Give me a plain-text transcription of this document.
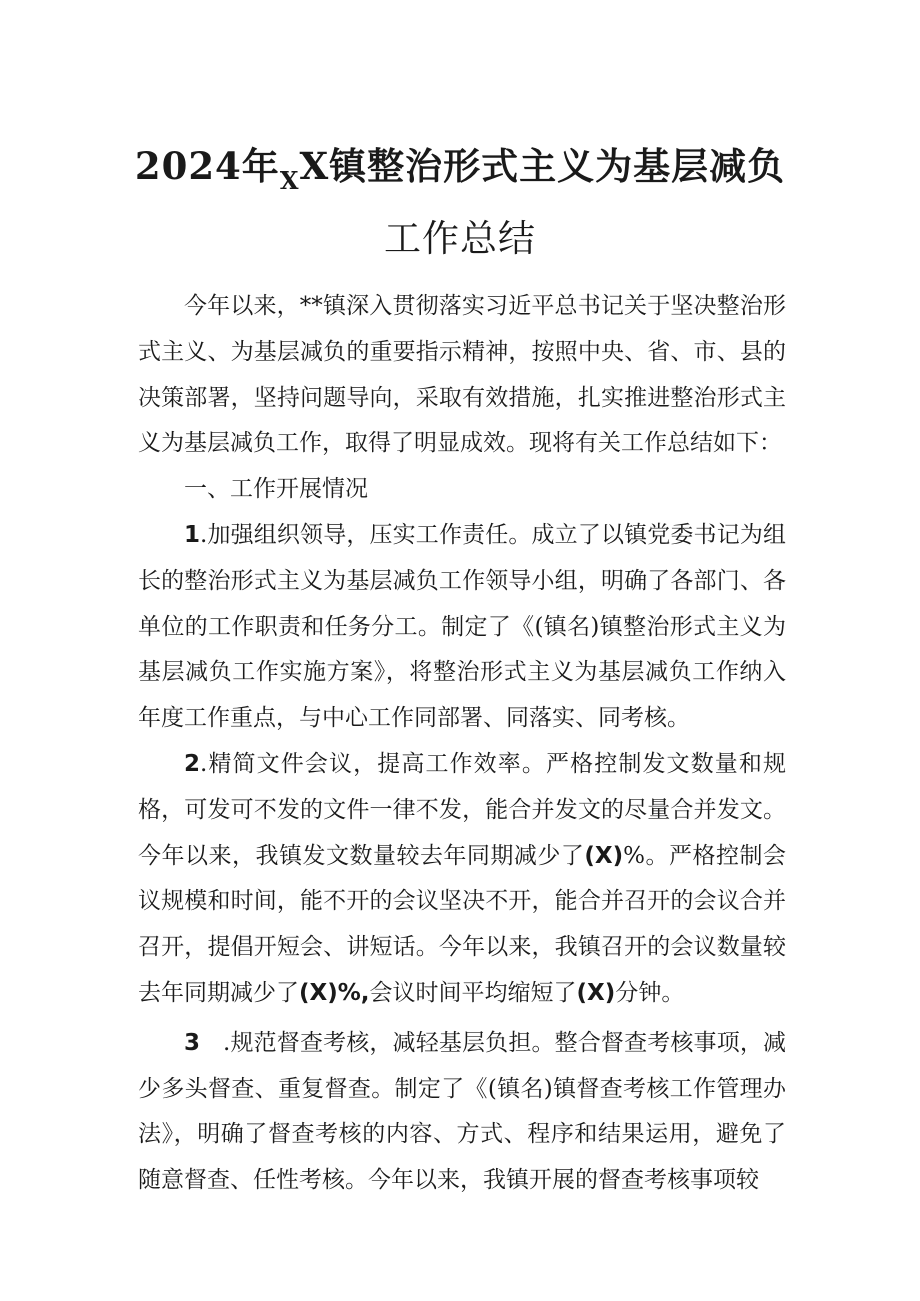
2024年$_X$X镇整治形式主义为基层减负
工作总结

今年以来，**镇深入贯彻落实习近平总书记关于坚决整治形式主义、为基层减负的重要指示精神，按照中央、省、市、县的决策部署，坚持问题导向，采取有效措施，扎实推进整治形式主义为基层减负工作，取得了明显成效。现将有关工作总结如下：

一、工作开展情况

1.加强组织领导，压实工作责任。成立了以镇党委书记为组长的整治形式主义为基层减负工作领导小组，明确了各部门、各单位的工作职责和任务分工。制定了《(镇名)镇整治形式主义为基层减负工作实施方案》，将整治形式主义为基层减负工作纳入年度工作重点，与中心工作同部署、同落实、同考核。

2.精简文件会议，提高工作效率。严格控制发文数量和规格，可发可不发的文件一律不发，能合并发文的尽量合并发文。今年以来，我镇发文数量较去年同期减少了(X)%。严格控制会议规模和时间，能不开的会议坚决不开，能合并召开的会议合并召开，提倡开短会、讲短话。今年以来，我镇召开的会议数量较去年同期减少了(X)%,会议时间平均缩短了(X)分钟。

3  .规范督查考核，减轻基层负担。整合督查考核事项，减少多头督查、重复督查。制定了《(镇名)镇督查考核工作管理办法》，明确了督查考核的内容、方式、程序和结果运用，避免了随意督查、任性考核。今年以来，我镇开展的督查考核事项较
